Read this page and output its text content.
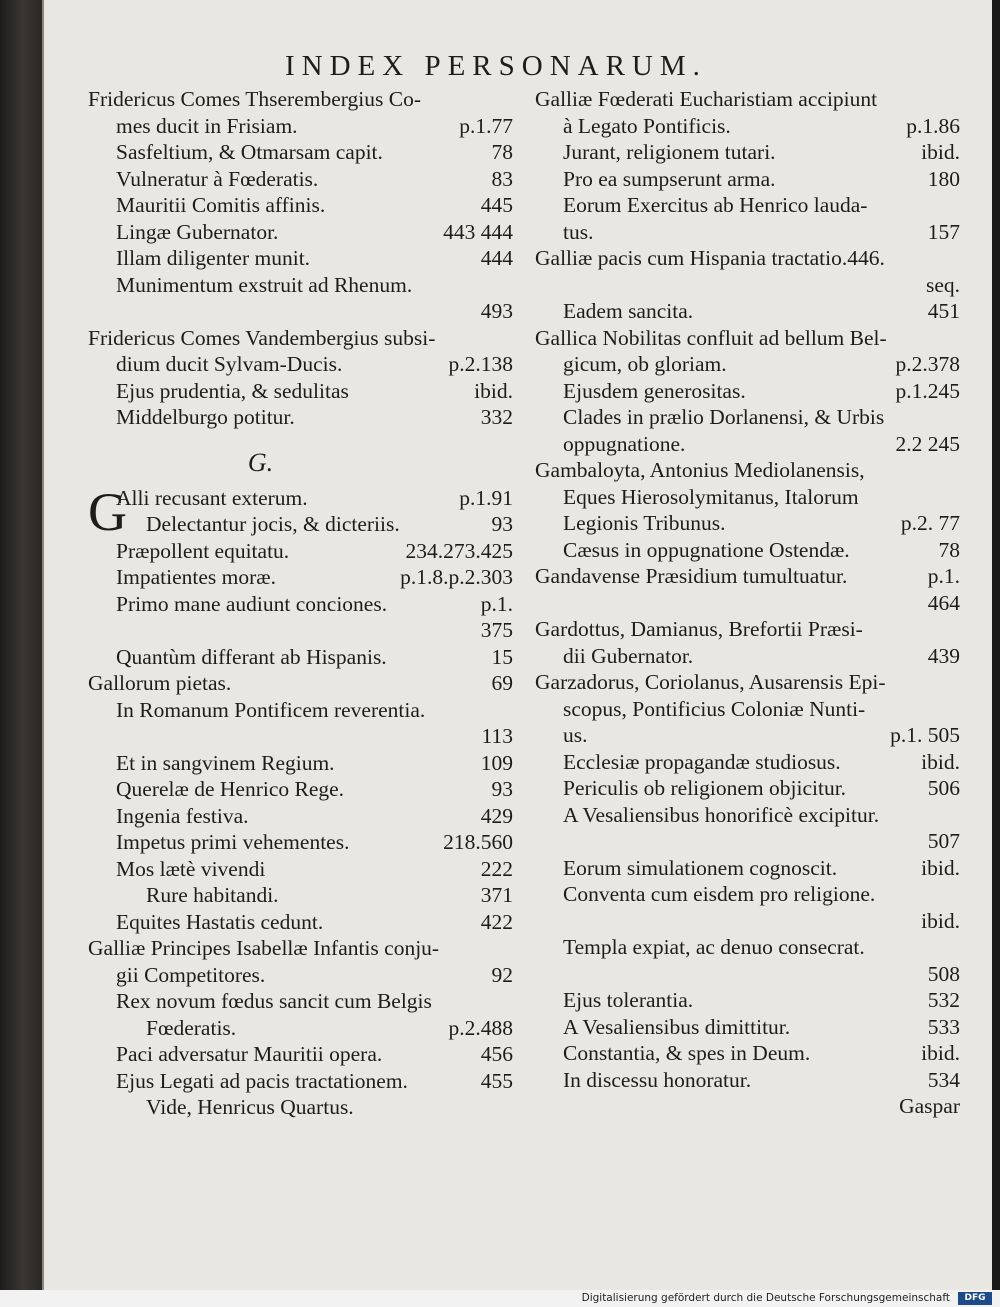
INDEX PERSONARUM.
Fridericus Comes Thserembergius Co-
mes ducit in Frisiam.	p.1.77
Sasfeltium, & Otmarsam capit.	78
Vulneratur à Fœderatis.	83
Mauritii Comitis affinis.	445
Lingæ Gubernator.	443 444
Illam diligenter munit.	444
Munimentum exstruit ad Rhenum.
493
Fridericus Comes Vandembergius subsi-
dium ducit Sylvam-Ducis.	p.2.138
Ejus prudentia, & sedulitas	ibid.
Middelburgo potitur.	332
G.
G
Alli recusant exterum.	p.1.91
Delectantur jocis, & dicteriis.	93
Præpollent equitatu.	234.273.425
Impatientes moræ.	p.1.8.p.2.303
Primo mane audiunt conciones.	p.1.
375
Quantùm differant ab Hispanis.	15
Gallorum pietas.	69
In Romanum Pontificem reverentia.
113
Et in sangvinem Regium.	109
Querelæ de Henrico Rege.	93
Ingenia festiva.	429
Impetus primi vehementes.	218.560
Mos lætè vivendi	222
Rure habitandi.	371
Equites Hastatis cedunt.	422
Galliæ Principes Isabellæ Infantis conju-
gii Competitores.	92
Rex novum fœdus sancit cum Belgis
Fœderatis.	p.2.488
Paci adversatur Mauritii opera.	456
Ejus Legati ad pacis tractationem.	455
Vide, Henricus Quartus.
Galliæ Fœderati Eucharistiam accipiunt
à Legato Pontificis.	p.1.86
Jurant, religionem tutari.	ibid.
Pro ea sumpserunt arma.	180
Eorum Exercitus ab Henrico lauda-
tus.	157
Galliæ pacis cum Hispania tractatio.446.
seq.
Eadem sancita.	451
Gallica Nobilitas confluit ad bellum Bel-
gicum, ob gloriam.	p.2.378
Ejusdem generositas.	p.1.245
Clades in prælio Dorlanensi, & Urbis
oppugnatione.	2.2 245
Gambaloyta, Antonius Mediolanensis,
Eques Hierosolymitanus, Italorum
Legionis Tribunus.	p.2. 77
Cæsus in oppugnatione Ostendæ.	78
Gandavense Præsidium tumultuatur.	p.1.
464
Gardottus, Damianus, Brefortii Præsi-
dii Gubernator.	439
Garzadorus, Coriolanus, Ausarensis Epi-
scopus, Pontificius Coloniæ Nunti-
us.	p.1. 505
Ecclesiæ propagandæ studiosus.	ibid.
Periculis ob religionem objicitur.	506
A Vesaliensibus honorificè excipitur.
507
Eorum simulationem cognoscit.	ibid.
Conventa cum eisdem pro religione.
ibid.
Templa expiat, ac denuo consecrat.
508
Ejus tolerantia.	532
A Vesaliensibus dimittitur.	533
Constantia, & spes in Deum.	ibid.
In discessu honoratur.	534
Gaspar
Digitalisierung gefördert durch die Deutsche Forschungsgemeinschaft	DFG
